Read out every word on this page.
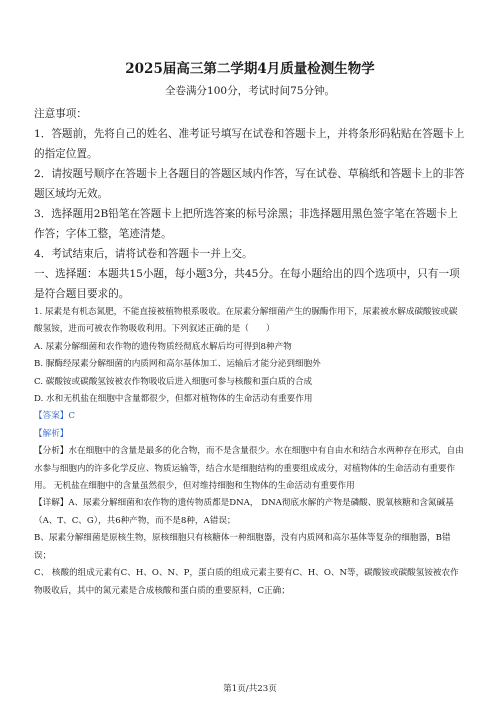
2025届高三第二学期4月质量检测生物学
全卷满分100分，考试时间75分钟。
注意事项：
1．答题前，先将自己的姓名、准考证号填写在试卷和答题卡上，并将条形码粘贴在答题卡上的指定位置。
2．请按题号顺序在答题卡上各题目的答题区域内作答，写在试卷、草稿纸和答题卡上的非答题区域均无效。
3．选择题用2B铅笔在答题卡上把所选答案的标号涂黑；非选择题用黑色签字笔在答题卡上作答；字体工整，笔迹清楚。
4．考试结束后，请将试卷和答题卡一并上交。
一、选择题：本题共15小题，每小题3分，共45分。在每小题给出的四个选项中，只有一项是符合题目要求的。
1. 尿素是有机态氮肥，不能直接被植物根系吸收。在尿素分解细菌产生的脲酶作用下，尿素被水解成碳酸铵或碳酸氢铵，进而可被农作物吸收利用。下列叙述正确的是（　　）
A. 尿素分解细菌和农作物的遗传物质经彻底水解后均可得到8种产物
B. 脲酶经尿素分解细菌的内质网和高尔基体加工、运输后才能分泌到细胞外
C. 碳酸铵或碳酸氢铵被农作物吸收后进入细胞可参与核酸和蛋白质的合成
D. 水和无机盐在细胞中含量都很少，但都对植物体的生命活动有重要作用
【答案】C
【解析】
【分析】水在细胞中的含量是最多的化合物，而不是含量很少。水在细胞中有自由水和结合水两种存在形式，自由水参与细胞内的许多化学反应、物质运输等，结合水是细胞结构的重要组成成分，对植物体的生命活动有重要作用。 无机盐在细胞中的含量虽然很少，但对维持细胞和生物体的生命活动有重要作用
【详解】A、尿素分解细菌和农作物的遗传物质都是DNA， DNA彻底水解的产物是磷酸、脱氧核糖和含氮碱基（A、T、C、G），共6种产物，而不是8种，A错误；
B、尿素分解细菌是原核生物，原核细胞只有核糖体一种细胞器，没有内质网和高尔基体等复杂的细胞器，B错误；
C、 核酸的组成元素有C、H、O、N、P，蛋白质的组成元素主要有C、H、O、N等，碳酸铵或碳酸氢铵被农作物吸收后，其中的氮元素是合成核酸和蛋白质的重要原料，C正确；
第1页/共23页
